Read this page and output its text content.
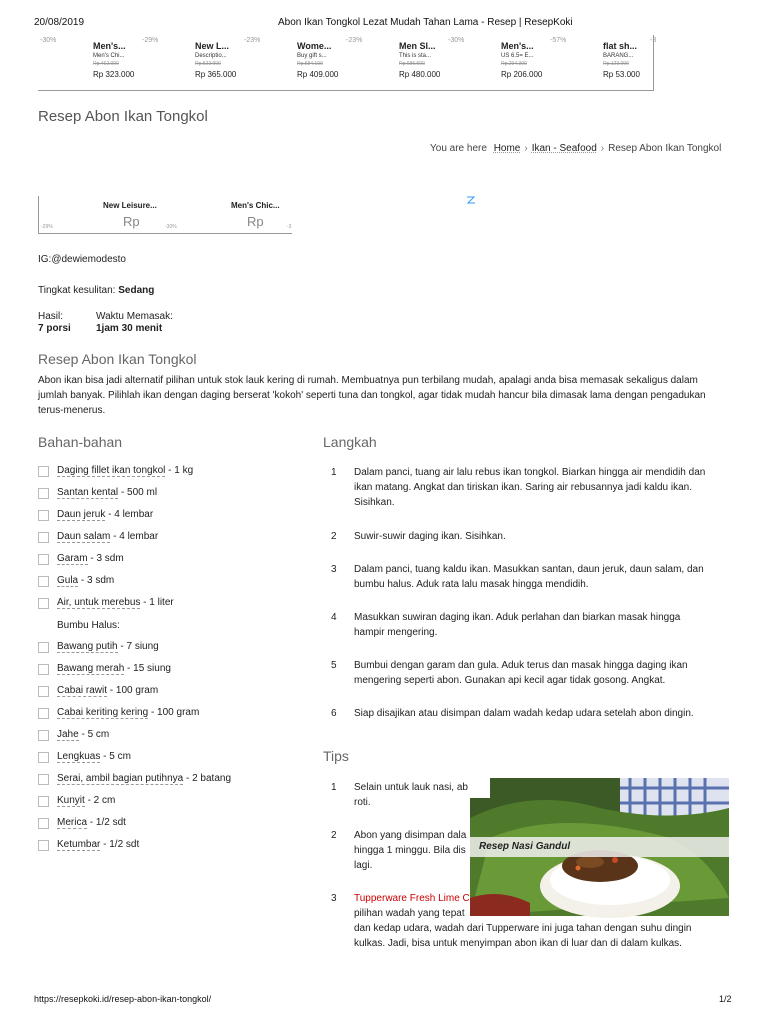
20/08/2019	Abon Ikan Tongkol Lezat Mudah Tahan Lama - Resep | ResepKoki
-30%
Men's...
Men's Chi...
Rp.462.000
Rp 323.000
-29%
New L...
Descriptio...
Rp.523.000
Rp 365.000
-23%
Wome...
Buy gift s...
Rp.584.100
Rp 409.000
-23%
Men Sl...
This is sta...
Rp.685.500
Rp 480.000
-30%
Men's...
US 6.5= E...
Rp.294.300
Rp 206.000
-57%
flat sh...
BARANG...
Rp.123.000
Rp 53.000
-3
Resep Abon Ikan Tongkol
You are here Home › Ikan - Seafood › Resep Abon Ikan Tongkol
New Leisure...	Men's Chic...
Rp	Rp
-29%	-30%	-3
IG:@dewiemodesto
Tingkat kesulitan: Sedang
Hasil:
7 porsi
Waktu Memasak:
1jam 30 menit
Resep Abon Ikan Tongkol
Abon ikan bisa jadi alternatif pilihan untuk stok lauk kering di rumah. Membuatnya pun terbilang mudah, apalagi anda bisa memasak sekaligus dalam jumlah banyak. Pilihlah ikan dengan daging berserat 'kokoh' seperti tuna dan tongkol, agar tidak mudah hancur bila dimasak lama dengan pengadukan terus-menerus.
Bahan-bahan
Daging fillet ikan tongkol - 1 kg
Santan kental - 500 ml
Daun jeruk - 4 lembar
Daun salam - 4 lembar
Garam - 3 sdm
Gula - 3 sdm
Air, untuk merebus - 1 liter
Bumbu Halus:
Bawang putih - 7 siung
Bawang merah - 15 siung
Cabai rawit - 100 gram
Cabai keriting kering - 100 gram
Jahe - 5 cm
Lengkuas - 5 cm
Serai, ambil bagian putihnya - 2 batang
Kunyit - 2 cm
Merica - 1/2 sdt
Ketumbar - 1/2 sdt
Langkah
1 Dalam panci, tuang air lalu rebus ikan tongkol. Biarkan hingga air mendidih dan ikan matang. Angkat dan tiriskan ikan. Saring air rebusannya jadi kaldu ikan. Sisihkan.
2 Suwir-suwir daging ikan. Sisihkan.
3 Dalam panci, tuang kaldu ikan. Masukkan santan, daun jeruk, daun salam, dan bumbu halus. Aduk rata lalu masak hingga mendidih.
4 Masukkan suwiran daging ikan. Aduk perlahan dan biarkan masak hingga hampir mengering.
5 Bumbui dengan garam dan gula. Aduk terus dan masak hingga daging ikan mengering seperti abon. Gunakan api kecil agar tidak gosong. Angkat.
6 Siap disajikan atau disimpan dalam wadah kedap udara setelah abon dingin.
Tips
1 Selain untuk lauk nasi, ab
roti.
2 Abon yang disimpan dala
hingga 1 minggu. Bila dis
lagi.
3 Tupperware Fresh Lime C
pilihan wadah yang tepat
dan kedap udara, wadah dari Tupperware ini juga tahan dengan suhu dingin
kulkas. Jadi, bisa untuk menyimpan abon ikan di luar dan di dalam kulkas.
Resep Nasi Gandul
https://resepkoki.id/resep-abon-ikan-tongkol/	1/2
